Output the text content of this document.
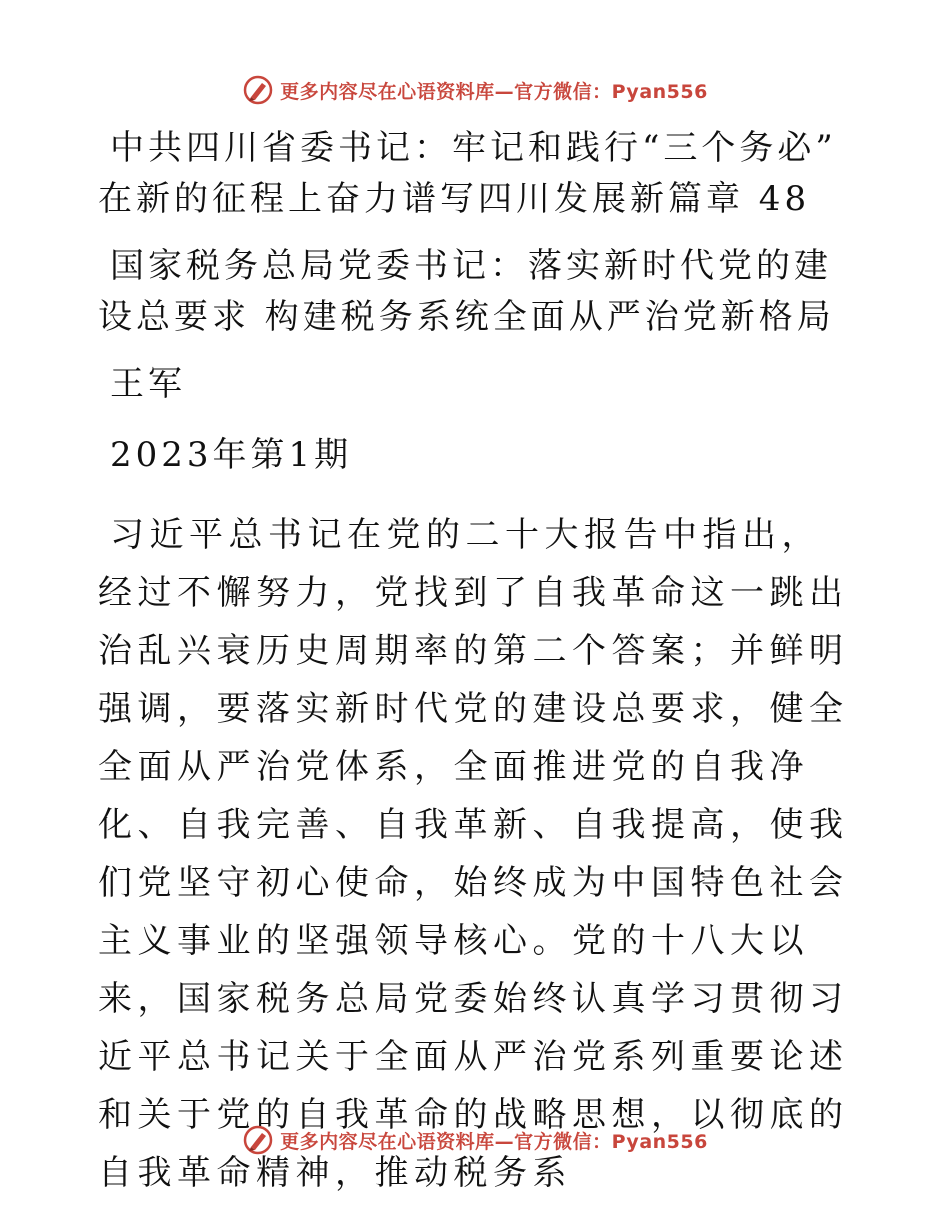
更多内容尽在心语资料库—官方微信：Pyan556

中共四川省委书记：牢记和践行“三个务必”　在新的征程上奋力谱写四川发展新篇章 48

国家税务总局党委书记：落实新时代党的建设总要求 构建税务系统全面从严治党新格局

王军

2023年第1期

习近平总书记在党的二十大报告中指出，经过不懈努力，党找到了自我革命这一跳出治乱兴衰历史周期率的第二个答案；并鲜明强调，要落实新时代党的建设总要求，健全全面从严治党体系，全面推进党的自我净化、自我完善、自我革新、自我提高，使我们党坚守初心使命，始终成为中国特色社会主义事业的坚强领导核心。党的十八大以来，国家税务总局党委始终认真学习贯彻习近平总书记关于全面从严治党系列重要论述和关于党的自我革命的战略思想，以彻底的自我革命精神，推动税务系

更多内容尽在心语资料库—官方微信：Pyan556
